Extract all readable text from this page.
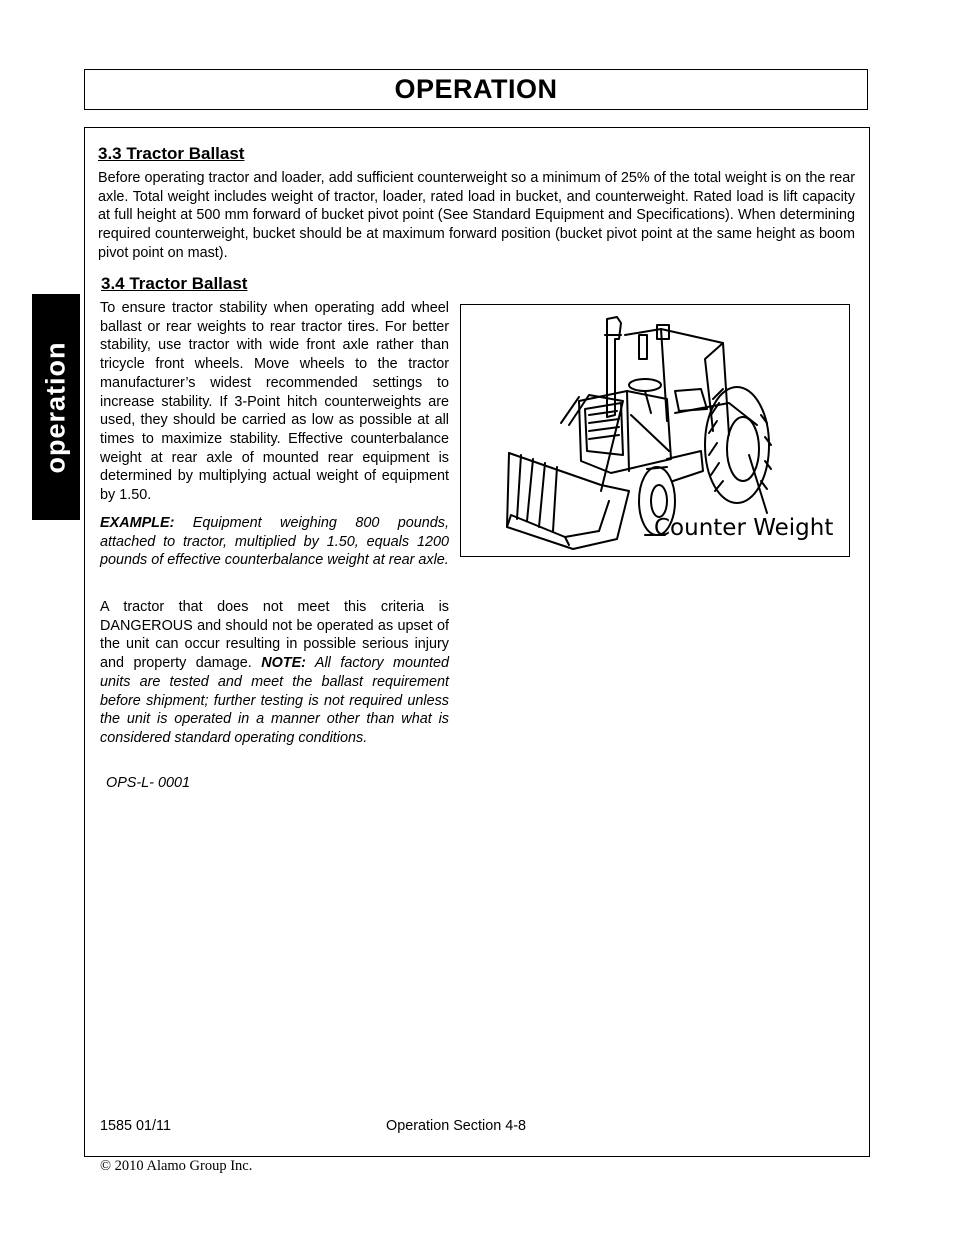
OPERATION
operation
3.3 Tractor Ballast
Before operating tractor and loader, add sufficient counterweight so a minimum of 25% of the total weight is on the rear axle. Total weight includes weight of tractor, loader, rated load in bucket, and counterweight. Rated load is lift capacity at full height at 500 mm forward of bucket pivot point (See Standard Equipment and Specifications). When determining required counterweight, bucket should be at maximum forward position (bucket pivot point at the same height as boom pivot point on mast).
3.4 Tractor Ballast
To ensure tractor stability when operating add wheel ballast or rear weights to rear tractor tires. For better stability, use tractor with wide front axle rather than tricycle front wheels. Move wheels to the tractor manufacturer’s widest recommended settings to increase stability. If 3-Point hitch counterweights are used, they should be carried as low as possible at all times to maximize stability. Effective counterbalance weight at rear axle of mounted rear equipment is determined by multiplying actual weight of equipment by 1.50.
EXAMPLE: Equipment weighing 800 pounds, attached to tractor, multiplied by 1.50, equals 1200 pounds of effective counterbalance weight at rear axle.
A tractor that does not meet this criteria is DANGEROUS and should not be operated as upset of the unit can occur resulting in possible serious injury and property damage. NOTE: All factory mounted units are tested and meet the ballast requirement before shipment; further testing is not required unless the unit is operated in a manner other than what is considered standard operating conditions.
OPS-L- 0001
Counter Weight
1585 01/11	Operation Section 4-8
© 2010 Alamo Group Inc.
